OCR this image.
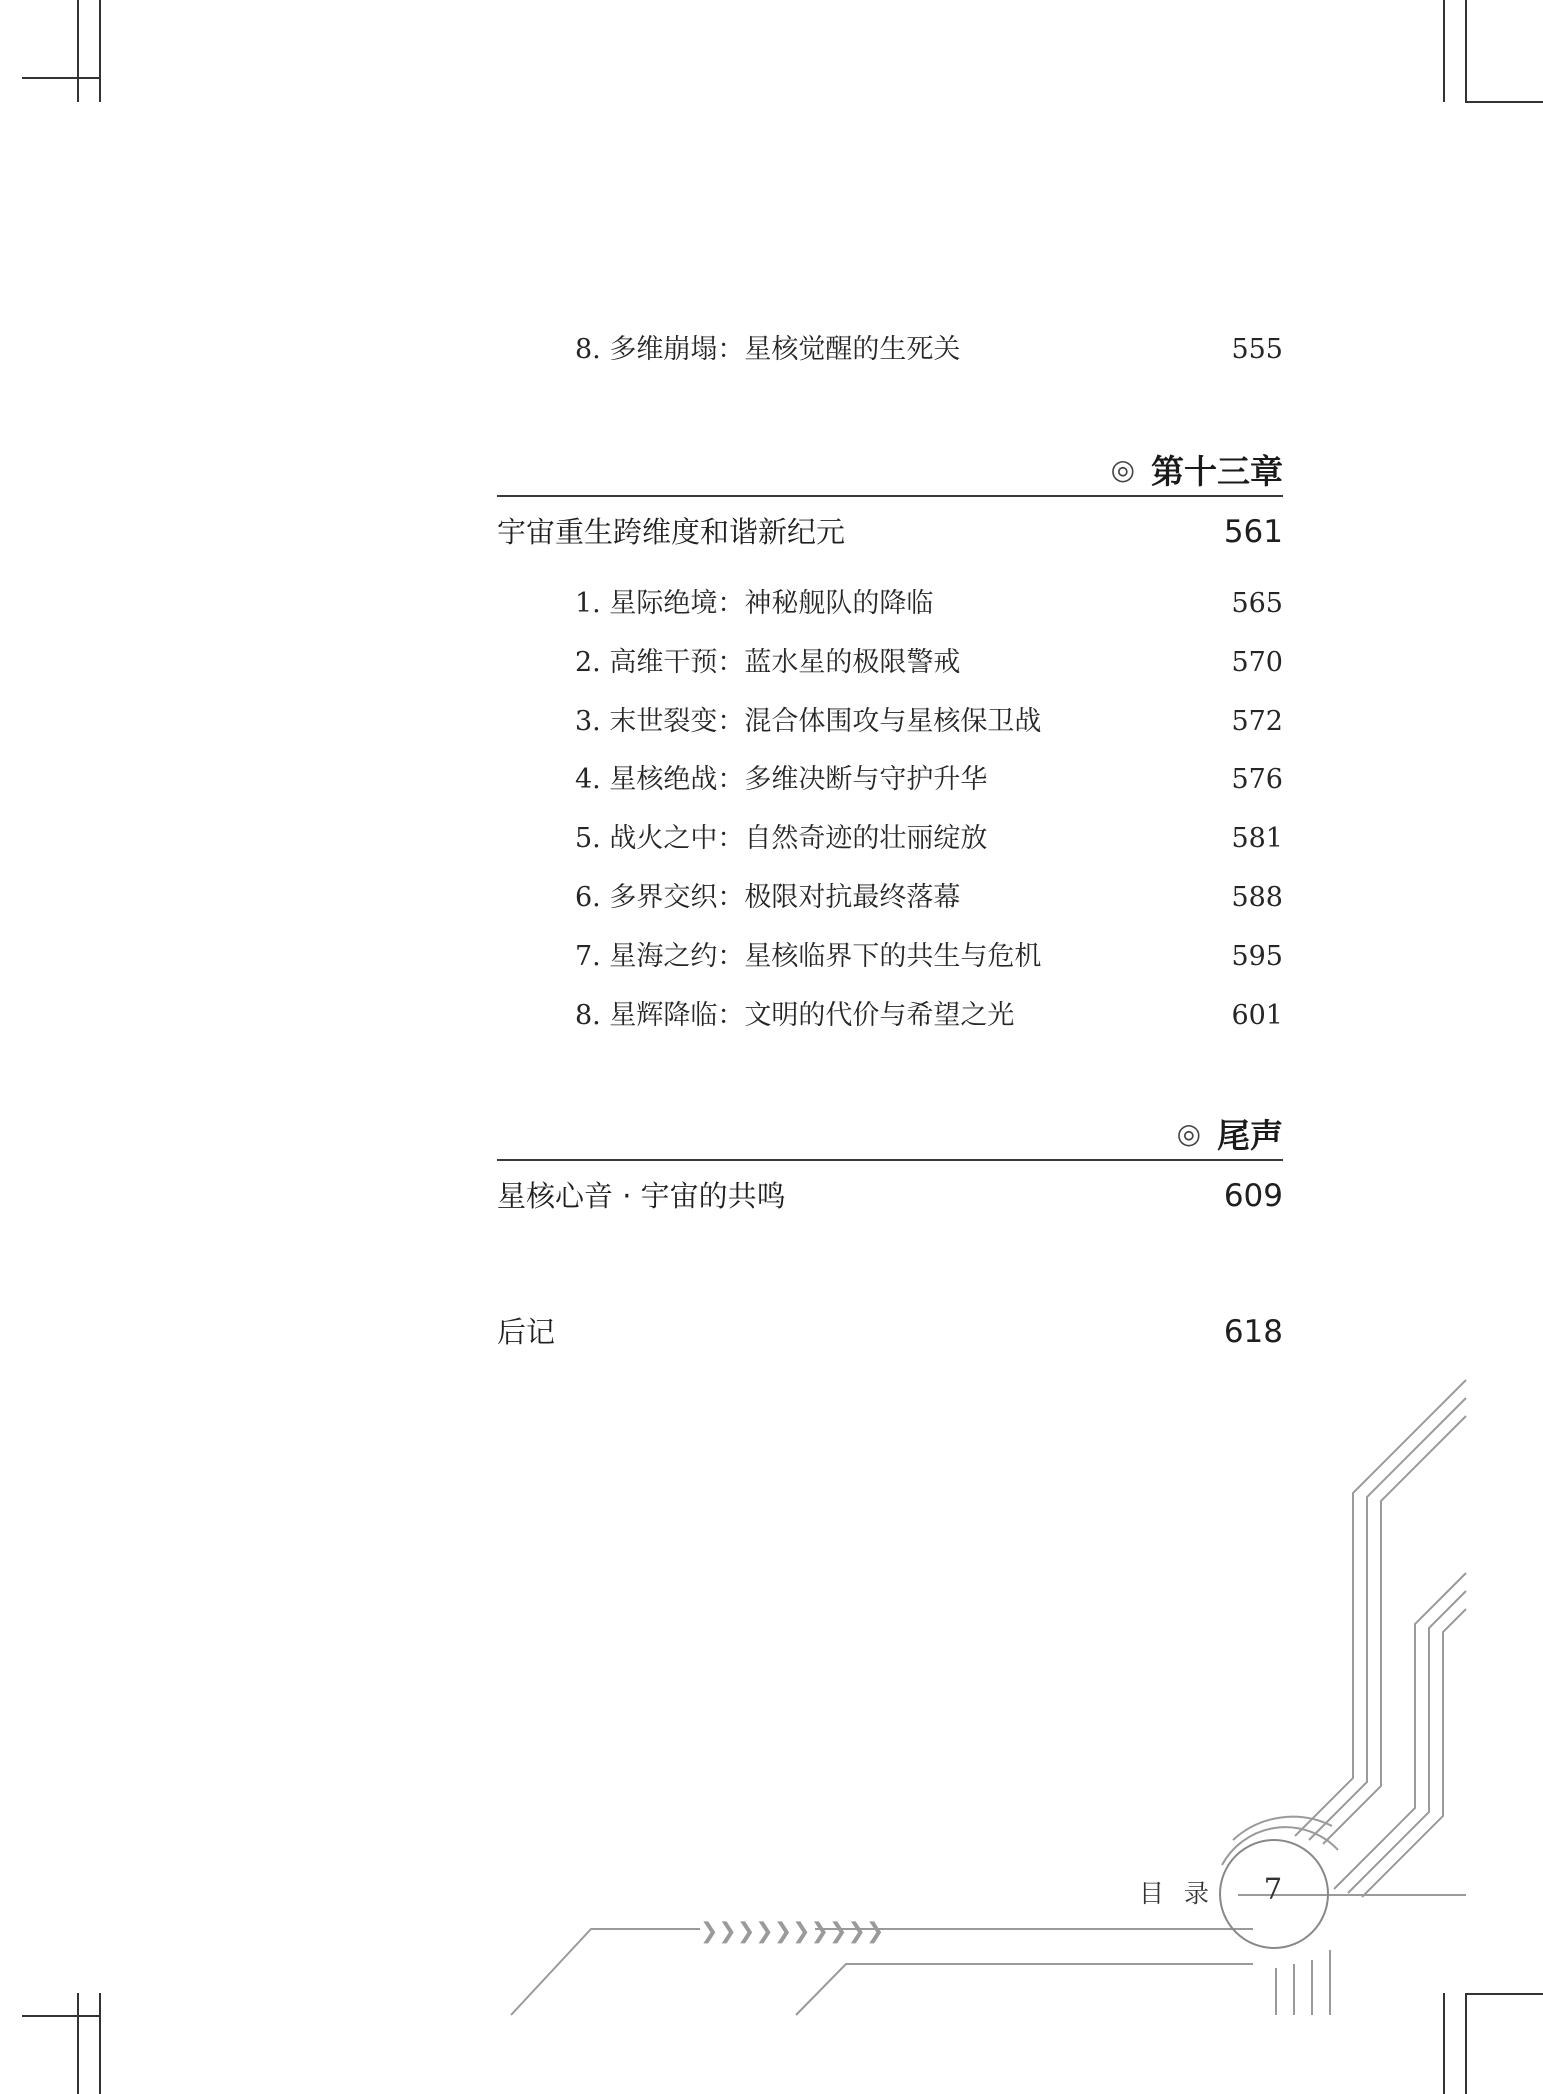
❯❯❯❯❯❯❯❯❯❯
8. 多维崩塌：星核觉醒的生死关	555
◎ 第十三章
宇宙重生跨维度和谐新纪元	561
1. 星际绝境：神秘舰队的降临	565
2. 高维干预：蓝水星的极限警戒	570
3. 末世裂变：混合体围攻与星核保卫战	572
4. 星核绝战：多维决断与守护升华	576
5. 战火之中：自然奇迹的壮丽绽放	581
6. 多界交织：极限对抗最终落幕	588
7. 星海之约：星核临界下的共生与危机	595
8. 星辉降临：文明的代价与希望之光	601
◎ 尾声
星核心音 · 宇宙的共鸣	609
后记	618
目录	7
